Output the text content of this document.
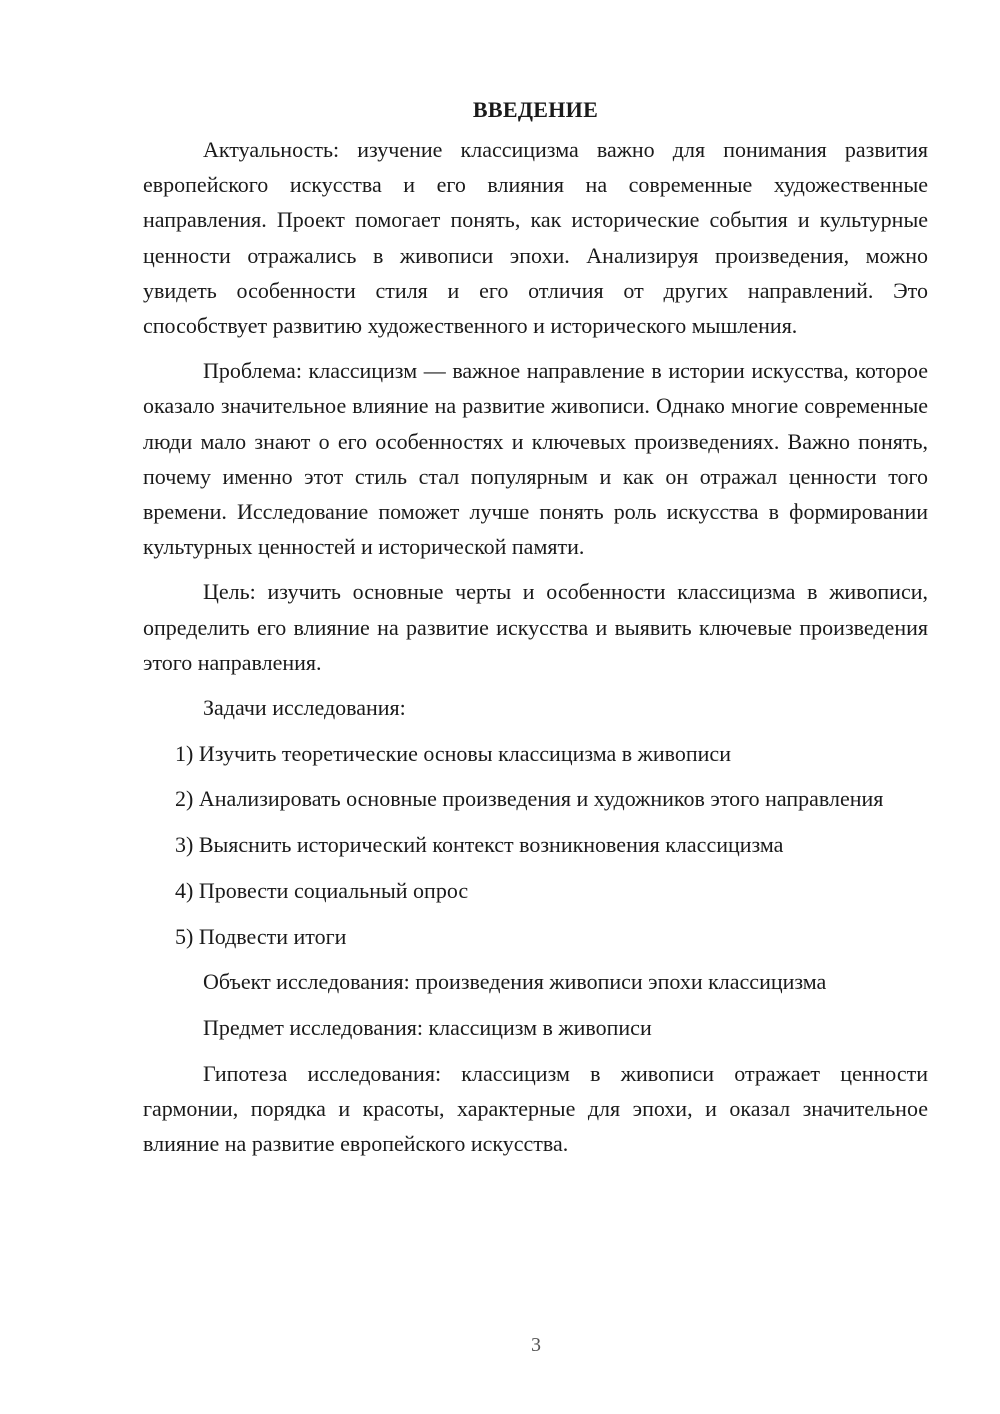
ВВЕДЕНИЕ

Актуальность: изучение классицизма важно для понимания развития европейского искусства и его влияния на современные художественные направления. Проект помогает понять, как исторические события и культурные ценности отражались в живописи эпохи. Анализируя произведения, можно увидеть особенности стиля и его отличия от других направлений. Это способствует развитию художественного и исторического мышления.

Проблема: классицизм — важное направление в истории искусства, которое оказало значительное влияние на развитие живописи. Однако многие современные люди мало знают о его особенностях и ключевых произведениях. Важно понять, почему именно этот стиль стал популярным и как он отражал ценности того времени. Исследование поможет лучше понять роль искусства в формировании культурных ценностей и исторической памяти.

Цель: изучить основные черты и особенности классицизма в живописи, определить его влияние на развитие искусства и выявить ключевые произведения этого направления.

Задачи исследования:

1) Изучить теоретические основы классицизма в живописи

2) Анализировать основные произведения и художников этого направления

3) Выяснить исторический контекст возникновения классицизма

4) Провести социальный опрос

5) Подвести итоги

Объект исследования: произведения живописи эпохи классицизма

Предмет исследования: классицизм в живописи

Гипотеза исследования: классицизм в живописи отражает ценности гармонии, порядка и красоты, характерные для эпохи, и оказал значительное влияние на развитие европейского искусства.

3
